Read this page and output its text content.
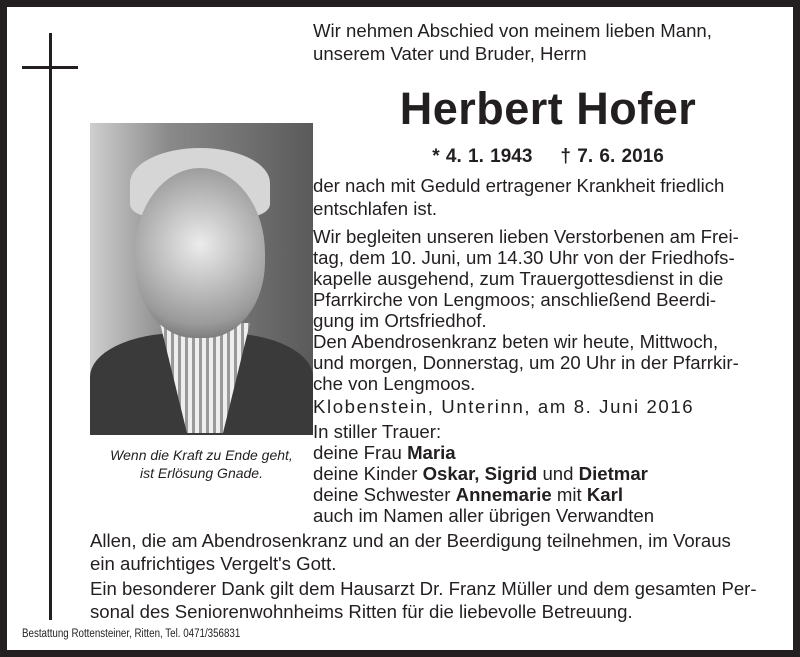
Wir nehmen Abschied von meinem lieben Mann,
unserem Vater und Bruder, Herrn
Herbert Hofer
* 4. 1. 1943 † 7. 6. 2016
Wenn die Kraft zu Ende geht,
ist Erlösung Gnade.
der nach mit Geduld ertragener Krankheit friedlich
entschlafen ist.
Wir begleiten unseren lieben Verstorbenen am Frei-
tag, dem 10. Juni, um 14.30 Uhr von der Friedhofs-
kapelle ausgehend, zum Trauergottesdienst in die
Pfarrkirche von Lengmoos; anschließend Beerdi-
gung im Ortsfriedhof.
Den Abendrosenkranz beten wir heute, Mittwoch,
und morgen, Donnerstag, um 20 Uhr in der Pfarrkir-
che von Lengmoos.
Klobenstein, Unterinn, am 8. Juni 2016
In stiller Trauer:
deine Frau Maria
deine Kinder Oskar, Sigrid und Dietmar
deine Schwester Annemarie mit Karl
auch im Namen aller übrigen Verwandten
Allen, die am Abendrosenkranz und an der Beerdigung teilnehmen, im Voraus
ein aufrichtiges Vergelt's Gott.
Ein besonderer Dank gilt dem Hausarzt Dr. Franz Müller und dem gesamten Per-
sonal des Seniorenwohnheims Ritten für die liebevolle Betreuung.
Bestattung Rottensteiner, Ritten, Tel. 0471/356831
